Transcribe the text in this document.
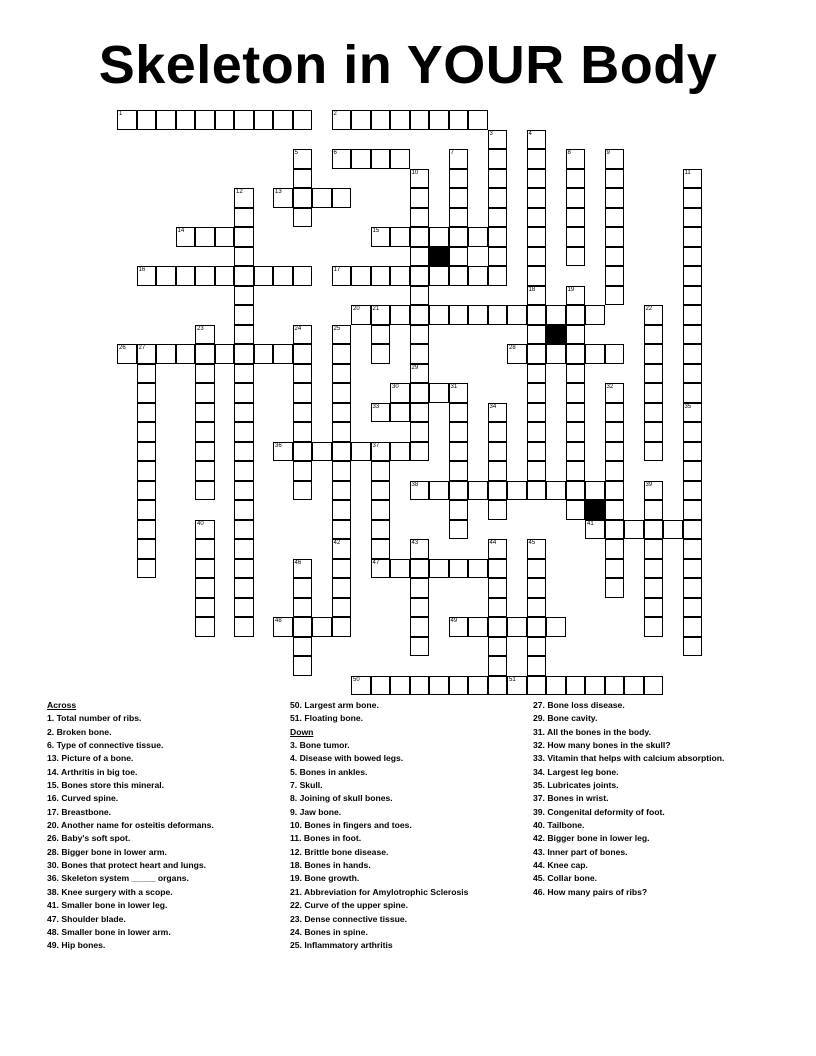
Skeleton in YOUR Body
1	2
3	4
5	6	7	8	9
10	11
12	13
14	15
16	17
18	19
20 21	22
23	24	25
26 27	28
29
30	31	32
33	34	35
36	37
38	39
40	41
42	43	44	45
46	47
48	49
50	51
Across
1. Total number of ribs.
2. Broken bone.
6. Type of connective tissue.
13. Picture of a bone.
14. Arthritis in big toe.
15. Bones store this mineral.
16. Curved spine.
17. Breastbone.
20. Another name for osteitis deformans.
26. Baby's soft spot.
28. Bigger bone in lower arm.
30. Bones that protect heart and lungs.
36. Skeleton system _____ organs.
38. Knee surgery with a scope.
41. Smaller bone in lower leg.
47. Shoulder blade.
48. Smaller bone in lower arm.
49. Hip bones.
50. Largest arm bone.
51. Floating bone.
Down
3. Bone tumor.
4. Disease with bowed legs.
5. Bones in ankles.
7. Skull.
8. Joining of skull bones.
9. Jaw bone.
10. Bones in fingers and toes.
11. Bones in foot.
12. Brittle bone disease.
18. Bones in hands.
19. Bone growth.
21. Abbreviation for Amylotrophic Sclerosis
22. Curve of the upper spine.
23. Dense connective tissue.
24. Bones in spine.
25. Inflammatory arthritis
27. Bone loss disease.
29. Bone cavity.
31. All the bones in the body.
32. How many bones in the skull?
33. Vitamin that helps with calcium absorption.
34. Largest leg bone.
35. Lubricates joints.
37. Bones in wrist.
39. Congenital deformity of foot.
40. Tailbone.
42. Bigger bone in lower leg.
43. Inner part of bones.
44. Knee cap.
45. Collar bone.
46. How many pairs of ribs?
